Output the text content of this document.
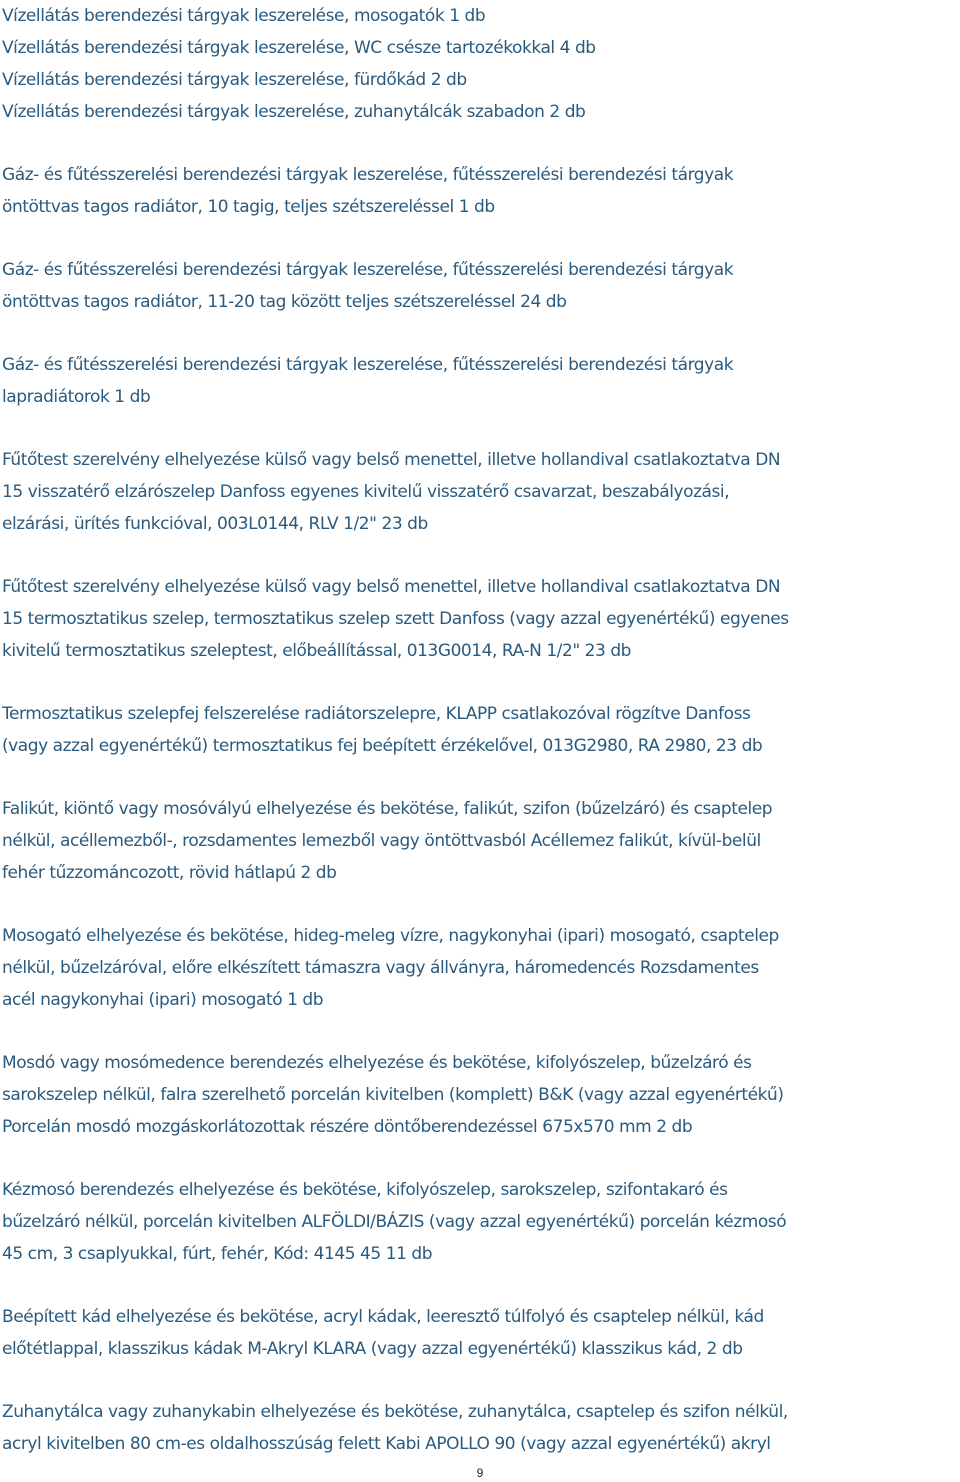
Vízellátás berendezési tárgyak leszerelése, mosogatók 1 db
Vízellátás berendezési tárgyak leszerelése, WC csésze tartozékokkal 4 db
Vízellátás berendezési tárgyak leszerelése, fürdőkád 2 db
Vízellátás berendezési tárgyak leszerelése, zuhanytálcák szabadon 2 db

Gáz- és fűtésszerelési berendezési tárgyak leszerelése, fűtésszerelési berendezési tárgyak
öntöttvas tagos radiátor, 10 tagig, teljes szétszereléssel 1 db

Gáz- és fűtésszerelési berendezési tárgyak leszerelése, fűtésszerelési berendezési tárgyak
öntöttvas tagos radiátor, 11-20 tag között teljes szétszereléssel 24 db

Gáz- és fűtésszerelési berendezési tárgyak leszerelése, fűtésszerelési berendezési tárgyak
lapradiátorok 1 db

Fűtőtest szerelvény elhelyezése külső vagy belső menettel, illetve hollandival csatlakoztatva DN
15 visszatérő elzárószelep Danfoss egyenes kivitelű visszatérő csavarzat, beszabályozási,
elzárási, ürítés funkcióval, 003L0144, RLV 1/2" 23 db

Fűtőtest szerelvény elhelyezése külső vagy belső menettel, illetve hollandival csatlakoztatva DN
15 termosztatikus szelep, termosztatikus szelep szett Danfoss (vagy azzal egyenértékű) egyenes
kivitelű termosztatikus szeleptest, előbeállítással, 013G0014, RA-N 1/2" 23 db

Termosztatikus szelepfej felszerelése radiátorszelepre, KLAPP csatlakozóval rögzítve Danfoss
(vagy azzal egyenértékű) termosztatikus fej beépített érzékelővel, 013G2980, RA 2980, 23 db

Falikút, kiöntő vagy mosóvályú elhelyezése és bekötése, falikút, szifon (bűzelzáró) és csaptelep
nélkül, acéllemezből-, rozsdamentes lemezből vagy öntöttvasból Acéllemez falikút, kívül-belül
fehér tűzzománcozott, rövid hátlapú 2 db

Mosogató elhelyezése és bekötése, hideg-meleg vízre, nagykonyhai (ipari) mosogató, csaptelep
nélkül, bűzelzáróval, előre elkészített támaszra vagy állványra, háromedencés Rozsdamentes
acél nagykonyhai (ipari) mosogató 1 db

Mosdó vagy mosómedence berendezés elhelyezése és bekötése, kifolyószelep, bűzelzáró és
sarokszelep nélkül, falra szerelhető porcelán kivitelben (komplett) B&K (vagy azzal egyenértékű)
Porcelán mosdó mozgáskorlátozottak részére döntőberendezéssel 675x570 mm 2 db

Kézmosó berendezés elhelyezése és bekötése, kifolyószelep, sarokszelep, szifontakaró és
bűzelzáró nélkül, porcelán kivitelben ALFÖLDI/BÁZIS (vagy azzal egyenértékű) porcelán kézmosó
45 cm, 3 csaplyukkal, fúrt, fehér, Kód: 4145 45 11 db

Beépített kád elhelyezése és bekötése, acryl kádak, leeresztő túlfolyó és csaptelep nélkül, kád
előtétlappal, klasszikus kádak M-Akryl KLARA (vagy azzal egyenértékű) klasszikus kád, 2 db

Zuhanytálca vagy zuhanykabin elhelyezése és bekötése, zuhanytálca, csaptelep és szifon nélkül,
acryl kivitelben 80 cm-es oldalhosszúság felett Kabi APOLLO 90 (vagy azzal egyenértékű) akryl

9
